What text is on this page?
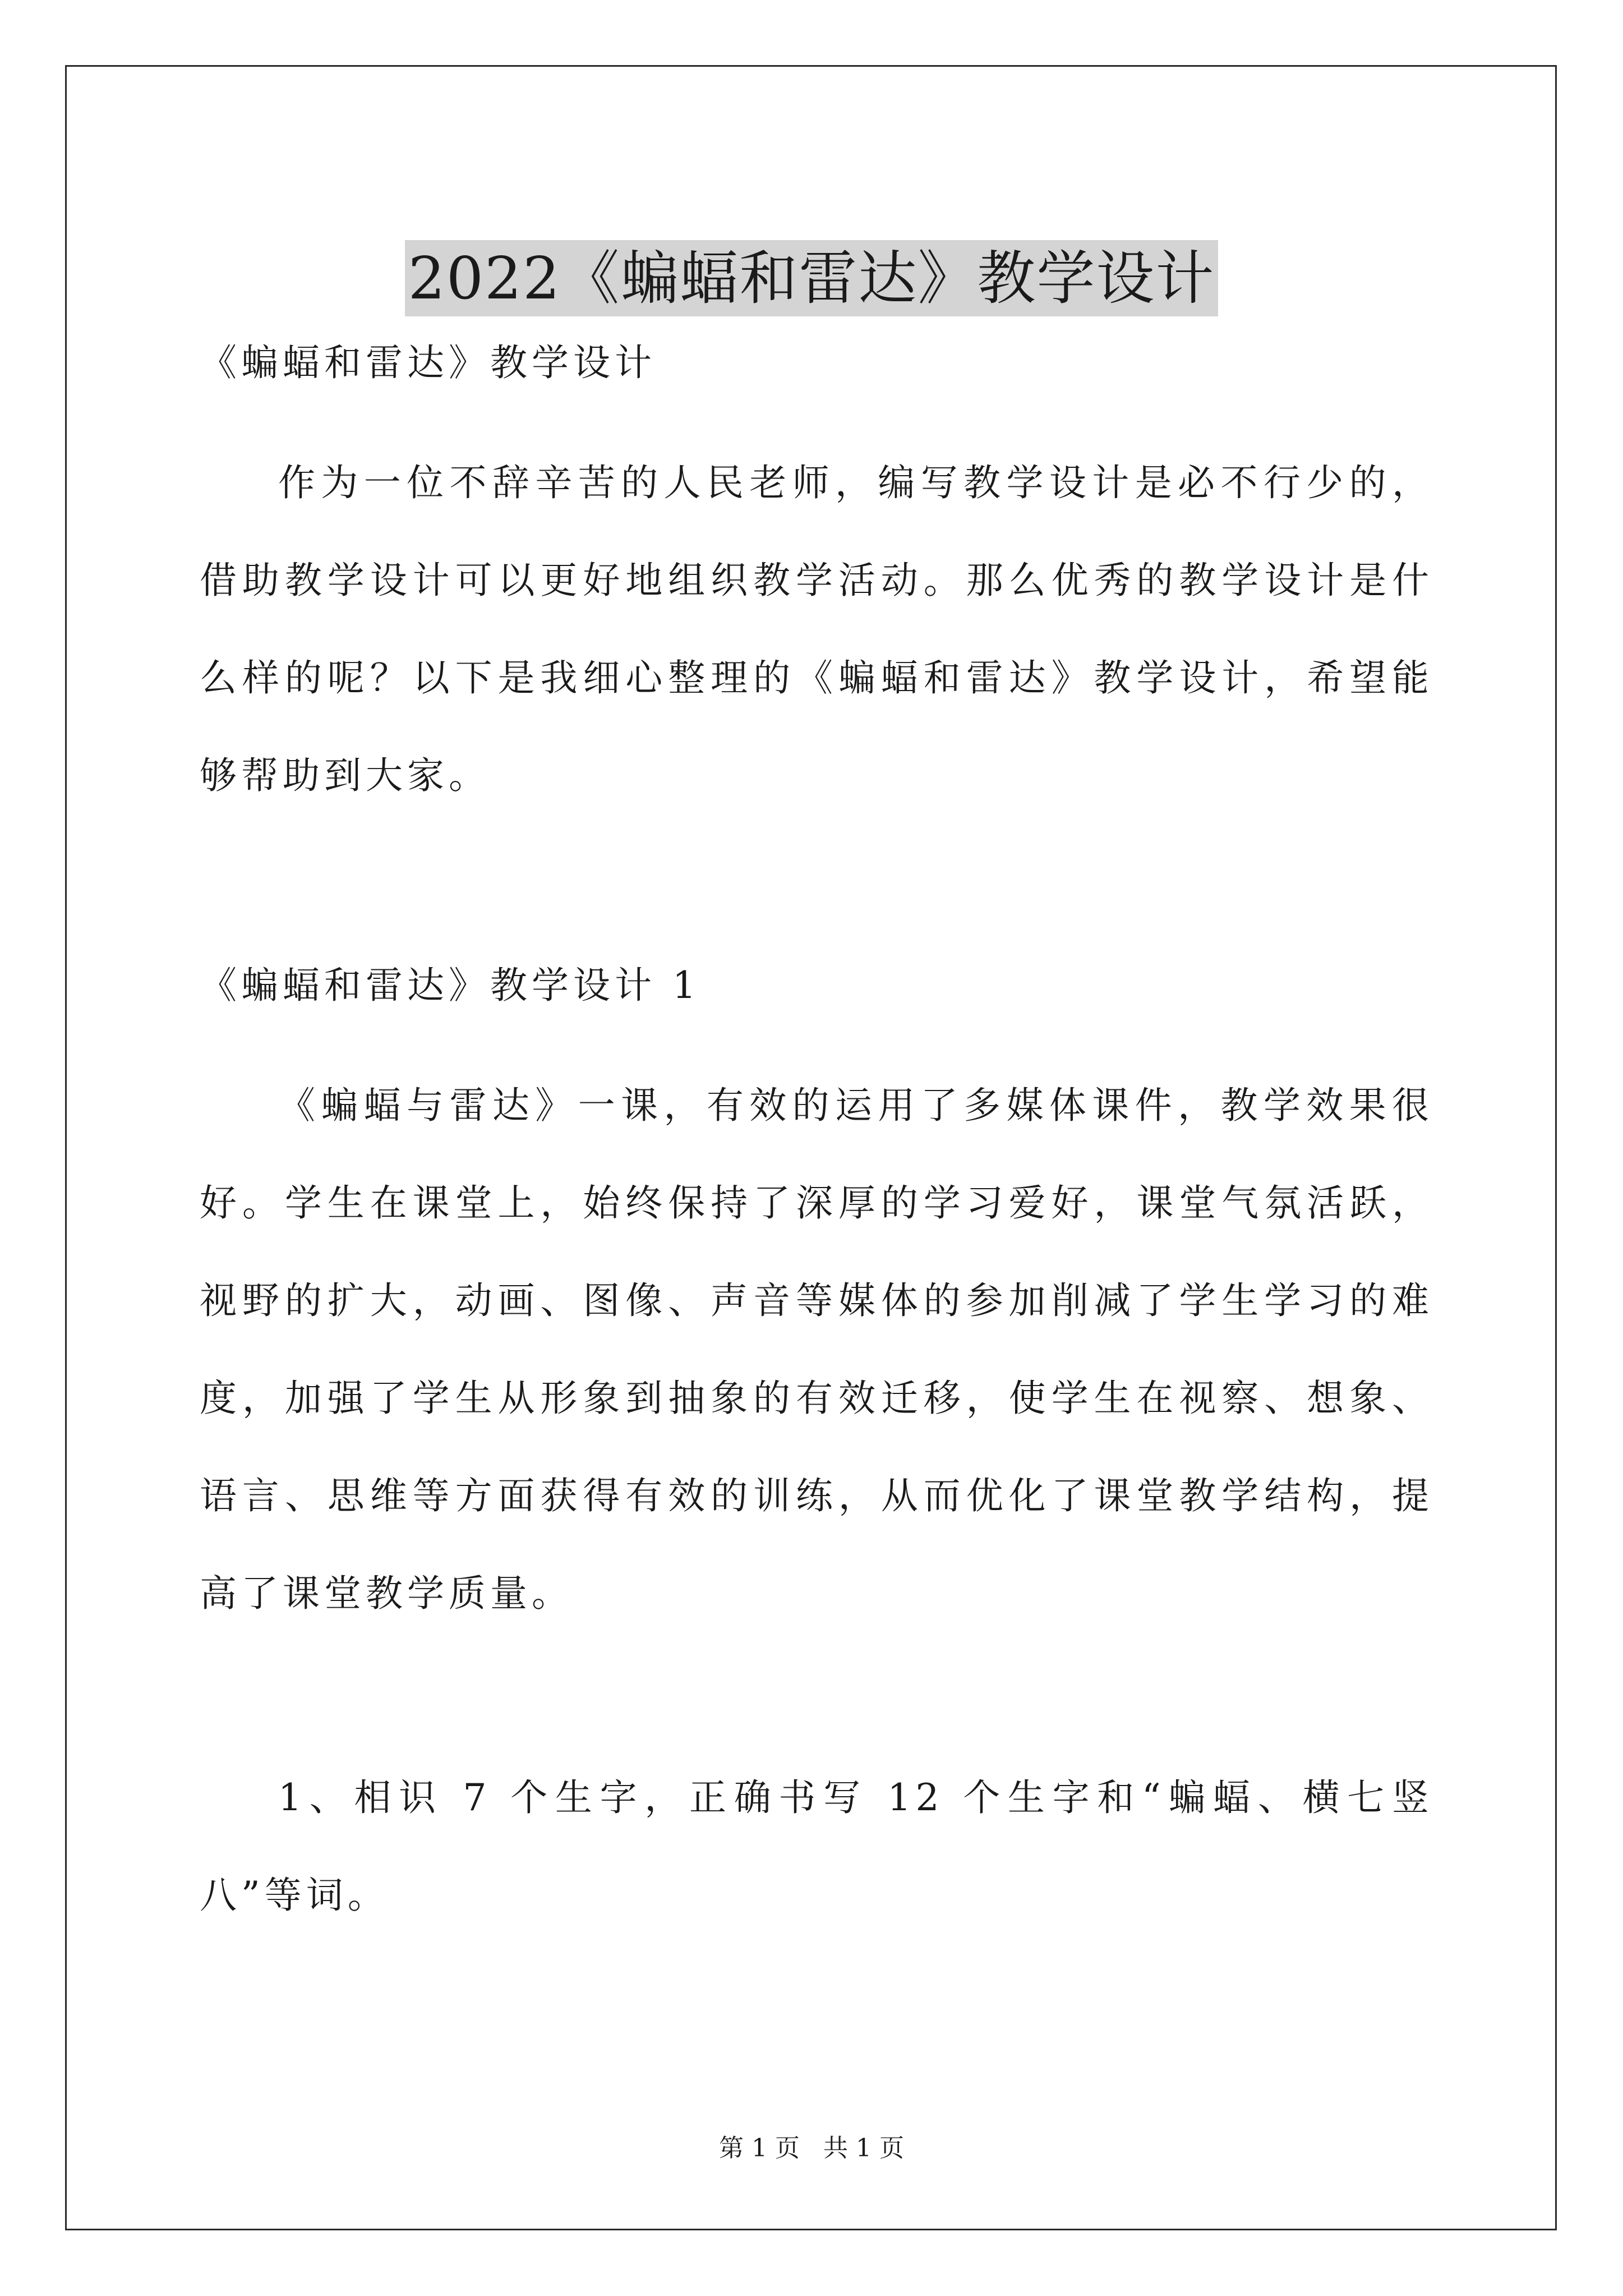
2022《蝙蝠和雷达》教学设计

《蝙蝠和雷达》教学设计

作为一位不辞辛苦的人民老师，编写教学设计是必不行少的，借助教学设计可以更好地组织教学活动。那么优秀的教学设计是什么样的呢？以下是我细心整理的《蝙蝠和雷达》教学设计，希望能够帮助到大家。

《蝙蝠和雷达》教学设计 1

《蝙蝠与雷达》一课，有效的运用了多媒体课件，教学效果很好。学生在课堂上，始终保持了深厚的学习爱好，课堂气氛活跃，视野的扩大，动画、图像、声音等媒体的参加削减了学生学习的难度，加强了学生从形象到抽象的有效迁移，使学生在视察、想象、语言、思维等方面获得有效的训练，从而优化了课堂教学结构，提高了课堂教学质量。

1、相识 7 个生字，正确书写 12 个生字和“蝙蝠、横七竖八”等词。

第 1 页 共 1 页
